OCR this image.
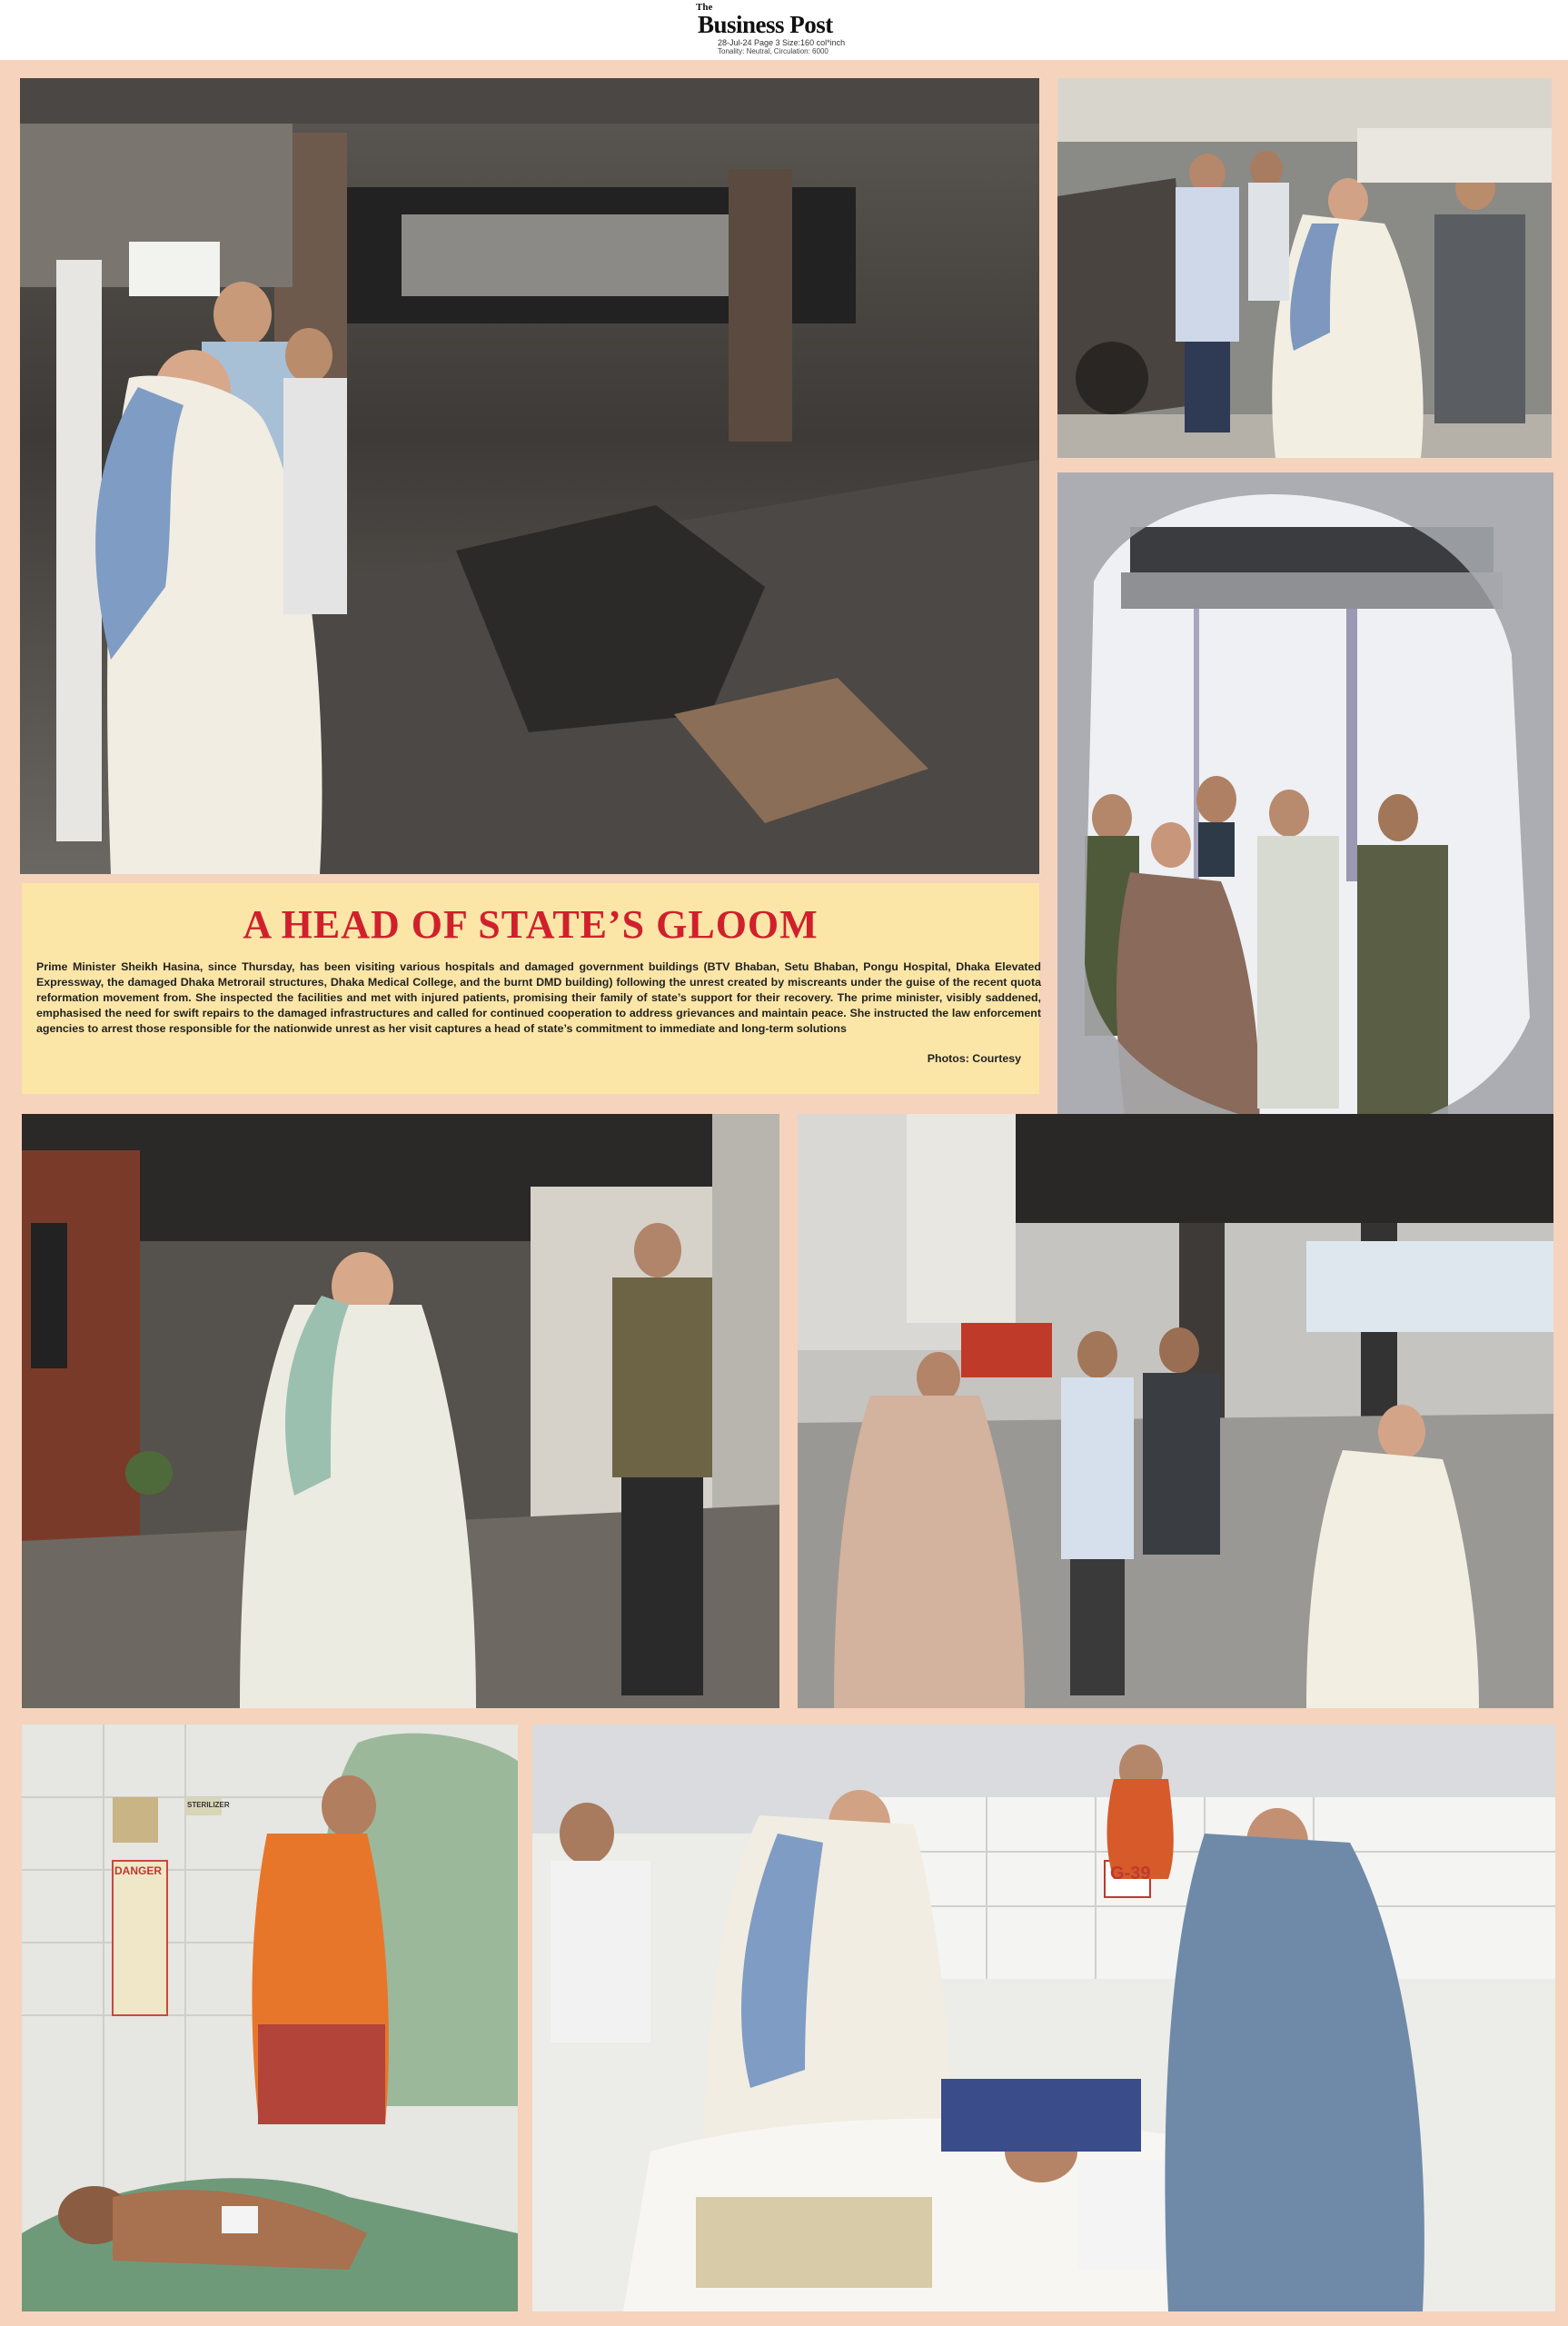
The
Business Post
28-Jul-24 Page 3 Size:160 col*inch
Tonality: Neutral, Circulation: 6000
A HEAD OF STATE’S GLOOM
Prime Minister Sheikh Hasina, since Thursday, has been visiting various hospitals and damaged government buildings (BTV Bhaban, Setu Bhaban, Pongu Hospital, Dhaka Elevated Expressway, the damaged Dhaka Metrorail structures, Dhaka Medical College, and the burnt DMD building) following the unrest created by miscreants under the guise of the recent quota reformation movement from. She inspected the facilities and met with injured patients, promising their family of state’s support for their recovery. The prime minister, visibly saddened, emphasised the need for swift repairs to the damaged infrastructures and called for continued cooperation to address grievances and maintain peace. She instructed the law enforcement agencies to arrest those responsible for the nationwide unrest as her visit captures a head of state’s commitment to immediate and long-term solutions
Photos: Courtesy
G-39
DANGER
STERILIZER
